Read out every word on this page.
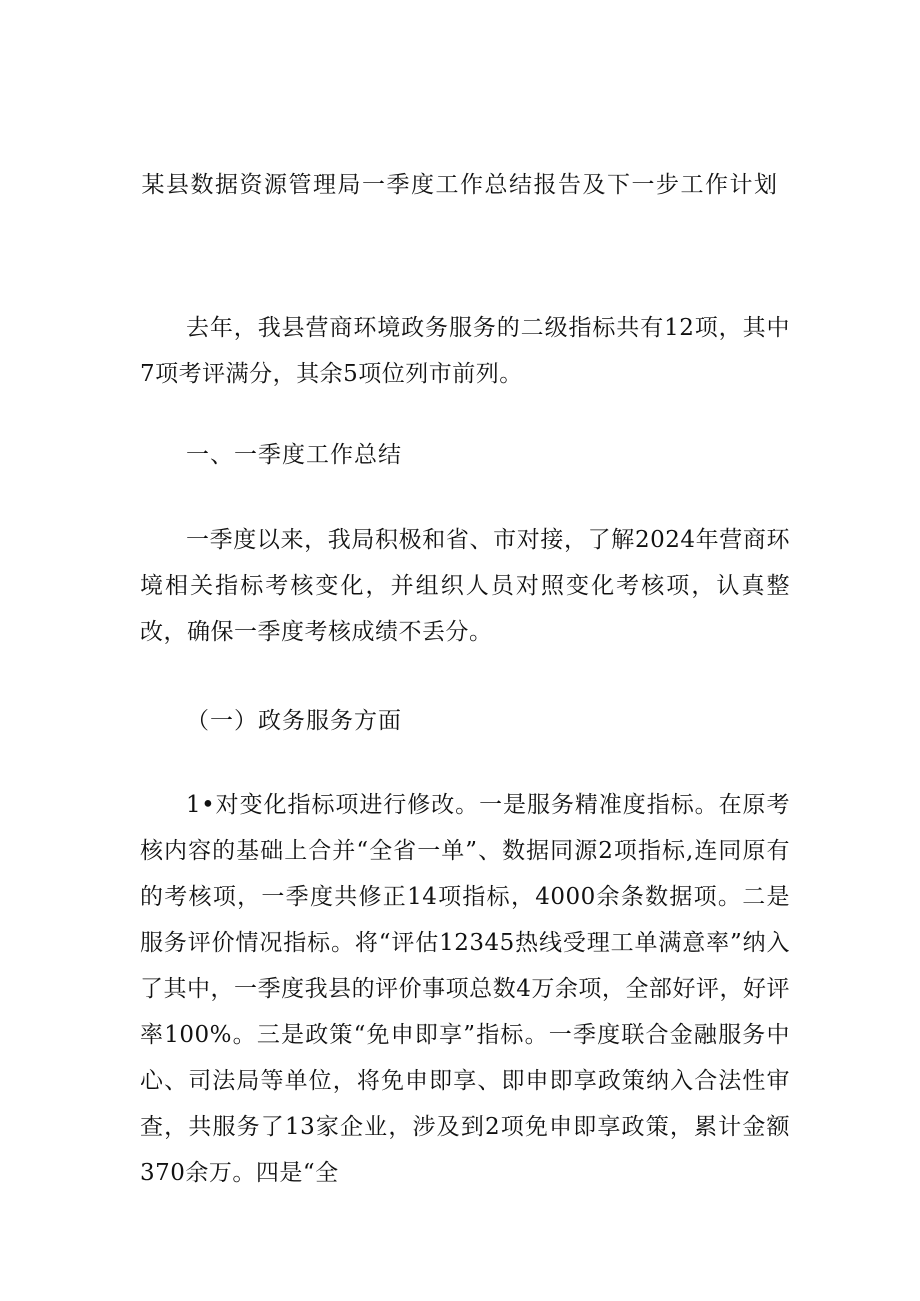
某县数据资源管理局一季度工作总结报告及下一步工作计划

去年，我县营商环境政务服务的二级指标共有12项，其中7项考评满分，其余5项位列市前列。

一、一季度工作总结

一季度以来，我局积极和省、市对接，了解2024年营商环境相关指标考核变化，并组织人员对照变化考核项，认真整改，确保一季度考核成绩不丢分。

（一）政务服务方面

1•对变化指标项进行修改。一是服务精准度指标。在原考核内容的基础上合并“全省一单”、数据同源2项指标,连同原有的考核项，一季度共修正14项指标，4000余条数据项。二是服务评价情况指标。将“评估12345热线受理工单满意率”纳入了其中，一季度我县的评价事项总数4万余项，全部好评，好评率100%。三是政策“免申即享”指标。一季度联合金融服务中心、司法局等单位，将免申即享、即申即享政策纳入合法性审查，共服务了13家企业，涉及到2项免申即享政策，累计金额370余万。四是“全
